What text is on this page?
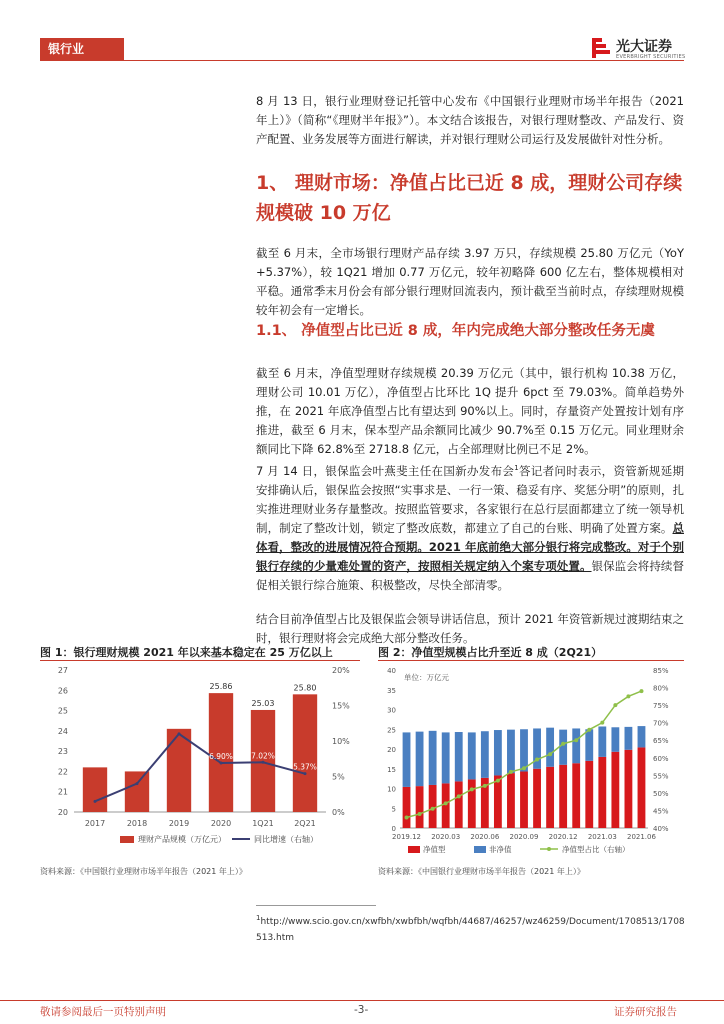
银行业	光大证券
EVERBRIGHT SECURITIES

8 月 13 日，银行业理财登记托管中心发布《中国银行业理财市场半年报告（2021 年上）》（简称“《理财半年报》”）。本文结合该报告，对银行理财整改、产品发行、资产配置、业务发展等方面进行解读，并对银行理财公司运行及发展做针对性分析。

1、 理财市场：净值占比已近 8 成，理财公司存续规模破 10 万亿

截至 6 月末，全市场银行理财产品存续 3.97 万只，存续规模 25.80 万亿元（YoY +5.37%），较 1Q21 增加 0.77 万亿元，较年初略降 600 亿左右，整体规模相对平稳。通常季末月份会有部分银行理财回流表内，预计截至当前时点，存续理财规模较年初会有一定增长。

1.1、 净值型占比已近 8 成，年内完成绝大部分整改任务无虞

截至 6 月末，净值型理财存续规模 20.39 万亿元（其中，银行机构 10.38 万亿，理财公司 10.01 万亿），净值型占比环比 1Q 提升 6pct 至 79.03%。简单趋势外推，在 2021 年底净值型占比有望达到 90%以上。同时，存量资产处置按计划有序推进，截至 6 月末，保本型产品余额同比减少 90.7%至 0.15 万亿元。同业理财余额同比下降 62.8%至 2718.8 亿元，占全部理财比例已不足 2%。

7 月 14 日，银保监会叶燕斐主任在国新办发布会$^1$答记者问时表示，资管新规延期安排确认后，银保监会按照“实事求是、一行一策、稳妥有序、奖惩分明”的原则，扎实推进理财业务存量整改。按照监管要求，各家银行在总行层面都建立了统一领导机制，制定了整改计划，锁定了整改底数，都建立了自己的台账、明确了处置方案。总体看，整改的进展情况符合预期。2021 年底前绝大部分银行将完成整改。对于个别银行存续的少量难处置的资产，按照相关规定纳入个案专项处置。银保监会将持续督促相关银行综合施策、积极整改，尽快全部清零。

结合目前净值型占比及银保监会领导讲话信息，预计 2021 年资管新规过渡期结束之时，银行理财将会完成绝大部分整改任务。

图 1：银行理财规模 2021 年以来基本稳定在 25 万亿以上
20
21
22
23
24
25
26
27
0%
5%
10%
15%
20%
2017	2018	2019	2020	1Q21	2Q21
25.86
6.90%
25.03
7.02%
25.80
5.37%
理财产品规模（万亿元）	同比增速（右轴）
资料来源：《中国银行业理财市场半年报告（2021 年上）》
图 2：净值型规模占比升至近 8 成（2Q21）
单位：万亿元
0
5
10
15
20
25
30
35
40
40%
45%
50%
55%
60%
65%
70%
75%
80%
85%
2019.12 2020.03 2020.06 2020.09 2020.12 2021.03 2021.06
净值型	非净值	净值型占比（右轴）
资料来源：《中国银行业理财市场半年报告（2021 年上）》
$^1$http://www.scio.gov.cn/xwfbh/xwbfbh/wqfbh/44687/46257/wz46259/Document/1708513/1708513.htm
敬请参阅最后一页特别声明	-3-	证券研究报告
